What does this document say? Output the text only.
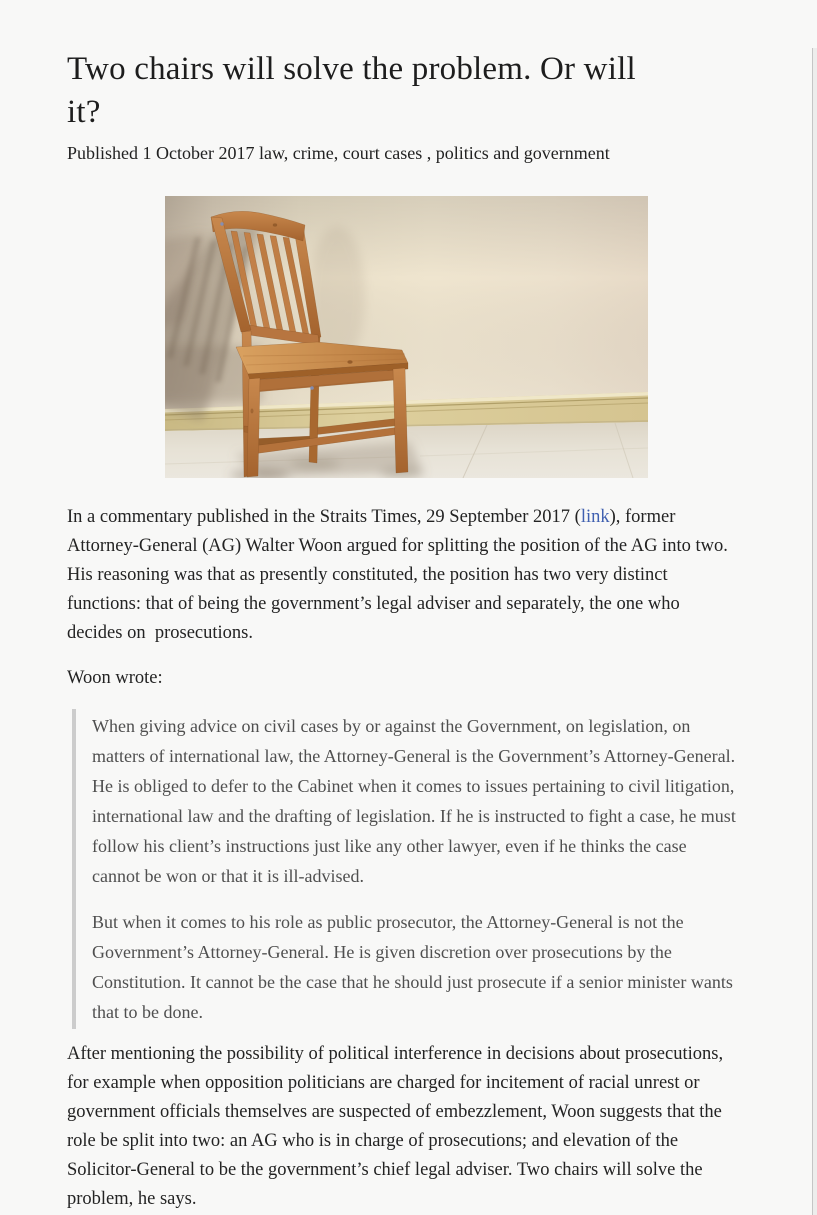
Two chairs will solve the problem. Or will it?

Published 1 October 2017 law, crime, court cases , politics and government

In a commentary published in the Straits Times, 29 September 2017 (link), former Attorney-General (AG) Walter Woon argued for splitting the position of the AG into two. His reasoning was that as presently constituted, the position has two very distinct functions: that of being the government’s legal adviser and separately, the one who decides on  prosecutions.

Woon wrote:

When giving advice on civil cases by or against the Government, on legislation, on matters of international law, the Attorney-General is the Government’s Attorney-General. He is obliged to defer to the Cabinet when it comes to issues pertaining to civil litigation, international law and the drafting of legislation. If he is instructed to fight a case, he must follow his client’s instructions just like any other lawyer, even if he thinks the case cannot be won or that it is ill-advised.

But when it comes to his role as public prosecutor, the Attorney-General is not the Government’s Attorney-General. He is given discretion over prosecutions by the Constitution. It cannot be the case that he should just prosecute if a senior minister wants that to be done.

After mentioning the possibility of political interference in decisions about prosecutions, for example when opposition politicians are charged for incitement of racial unrest or government officials themselves are suspected of embezzlement, Woon suggests that the role be split into two: an AG who is in charge of prosecutions; and elevation of the Solicitor-General to be the government’s chief legal adviser. Two chairs will solve the problem, he says.
